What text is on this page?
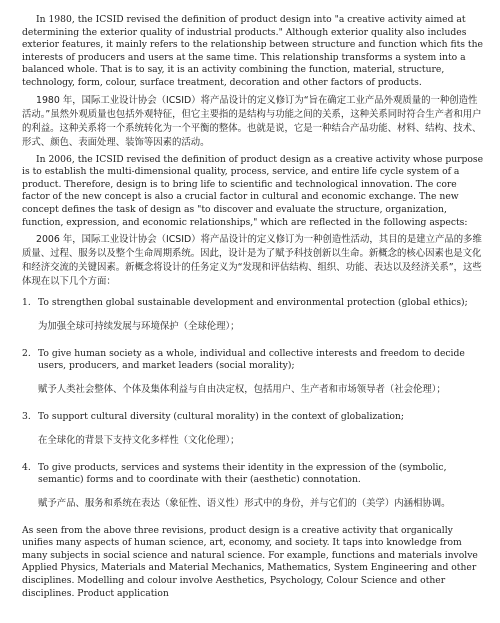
In 1980, the ICSID revised the definition of product design into "a creative activity aimed at determining the exterior quality of industrial products." Although exterior quality also includes exterior features, it mainly refers to the relationship between structure and function which fits the interests of producers and users at the same time. This relationship transforms a system into a balanced whole. That is to say, it is an activity combining the function, material, structure, technology, form, colour, surface treatment, decoration and other factors of products.

1980 年，国际工业设计协会（ICSID）将产品设计的定义修订为“旨在确定工业产品外观质量的一种创造性活动。”虽然外观质量也包括外观特征，但它主要指的是结构与功能之间的关系，这种关系同时符合生产者和用户的利益。这种关系将一个系统转化为一个平衡的整体。也就是说，它是一种结合产品功能、材料、结构、技术、形式、颜色、表面处理、装饰等因素的活动。

In 2006, the ICSID revised the definition of product design as a creative activity whose purpose is to establish the multi-dimensional quality, process, service, and entire life cycle system of a product. Therefore, design is to bring life to scientific and technological innovation. The core factor of the new concept is also a crucial factor in cultural and economic exchange. The new concept defines the task of design as "to discover and evaluate the structure, organization, function, expression, and economic relationships," which are reflected in the following aspects:

2006 年，国际工业设计协会（ICSID）将产品设计的定义修订为一种创造性活动，其目的是建立产品的多维质量、过程、服务以及整个生命周期系统。因此，设计是为了赋予科技创新以生命。新概念的核心因素也是文化和经济交流的关键因素。新概念将设计的任务定义为“发现和评估结构、组织、功能、表达以及经济关系”，这些体现在以下几个方面：

1. To strengthen global sustainable development and environmental protection (global ethics);
为加强全球可持续发展与环境保护（全球伦理）；
2. To give human society as a whole, individual and collective interests and freedom to decide users, producers, and market leaders (social morality);
赋予人类社会整体、个体及集体利益与自由决定权，包括用户、生产者和市场领导者（社会伦理）；
3. To support cultural diversity (cultural morality) in the context of globalization;
在全球化的背景下支持文化多样性（文化伦理）；
4. To give products, services and systems their identity in the expression of the (symbolic, semantic) forms and to coordinate with their (aesthetic) connotation.
赋予产品、服务和系统在表达（象征性、语义性）形式中的身份，并与它们的（美学）内涵相协调。

As seen from the above three revisions, product design is a creative activity that organically unifies many aspects of human science, art, economy, and society. It taps into knowledge from many subjects in social science and natural science. For example, functions and materials involve Applied Physics, Materials and Material Mechanics, Mathematics, System Engineering and other disciplines. Modelling and colour involve Aesthetics, Psychology, Colour Science and other disciplines. Product application
